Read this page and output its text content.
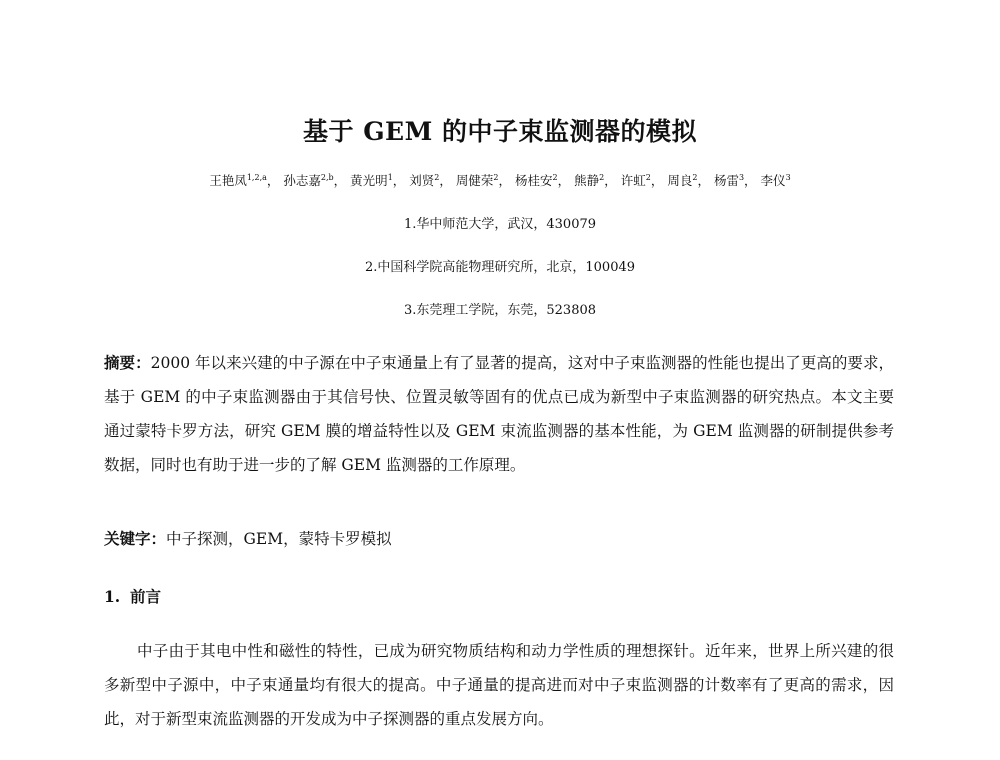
基于 GEM 的中子束监测器的模拟
王艳凤$^{1,2,a}$， 孙志嘉$^{2,b}$， 黄光明$^1$， 刘贤$^2$， 周健荣$^2$， 杨桂安$^2$， 熊静$^2$， 许虹$^2$， 周良$^2$， 杨雷$^3$， 李仪$^3$
1.华中师范大学，武汉，430079
2.中国科学院高能物理研究所，北京，100049
3.东莞理工学院，东莞，523808
摘要：2000 年以来兴建的中子源在中子束通量上有了显著的提高，这对中子束监测器的性能也提出了更高的要求，基于 GEM 的中子束监测器由于其信号快、位置灵敏等固有的优点已成为新型中子束监测器的研究热点。本文主要通过蒙特卡罗方法，研究 GEM 膜的增益特性以及 GEM 束流监测器的基本性能，为 GEM 监测器的研制提供参考数据，同时也有助于进一步的了解 GEM 监测器的工作原理。
关键字：中子探测，GEM，蒙特卡罗模拟
1. 前言
中子由于其电中性和磁性的特性，已成为研究物质结构和动力学性质的理想探针。近年来，世界上所兴建的很多新型中子源中，中子束通量均有很大的提高。中子通量的提高进而对中子束监测器的计数率有了更高的需求，因此，对于新型束流监测器的开发成为中子探测器的重点发展方向。
